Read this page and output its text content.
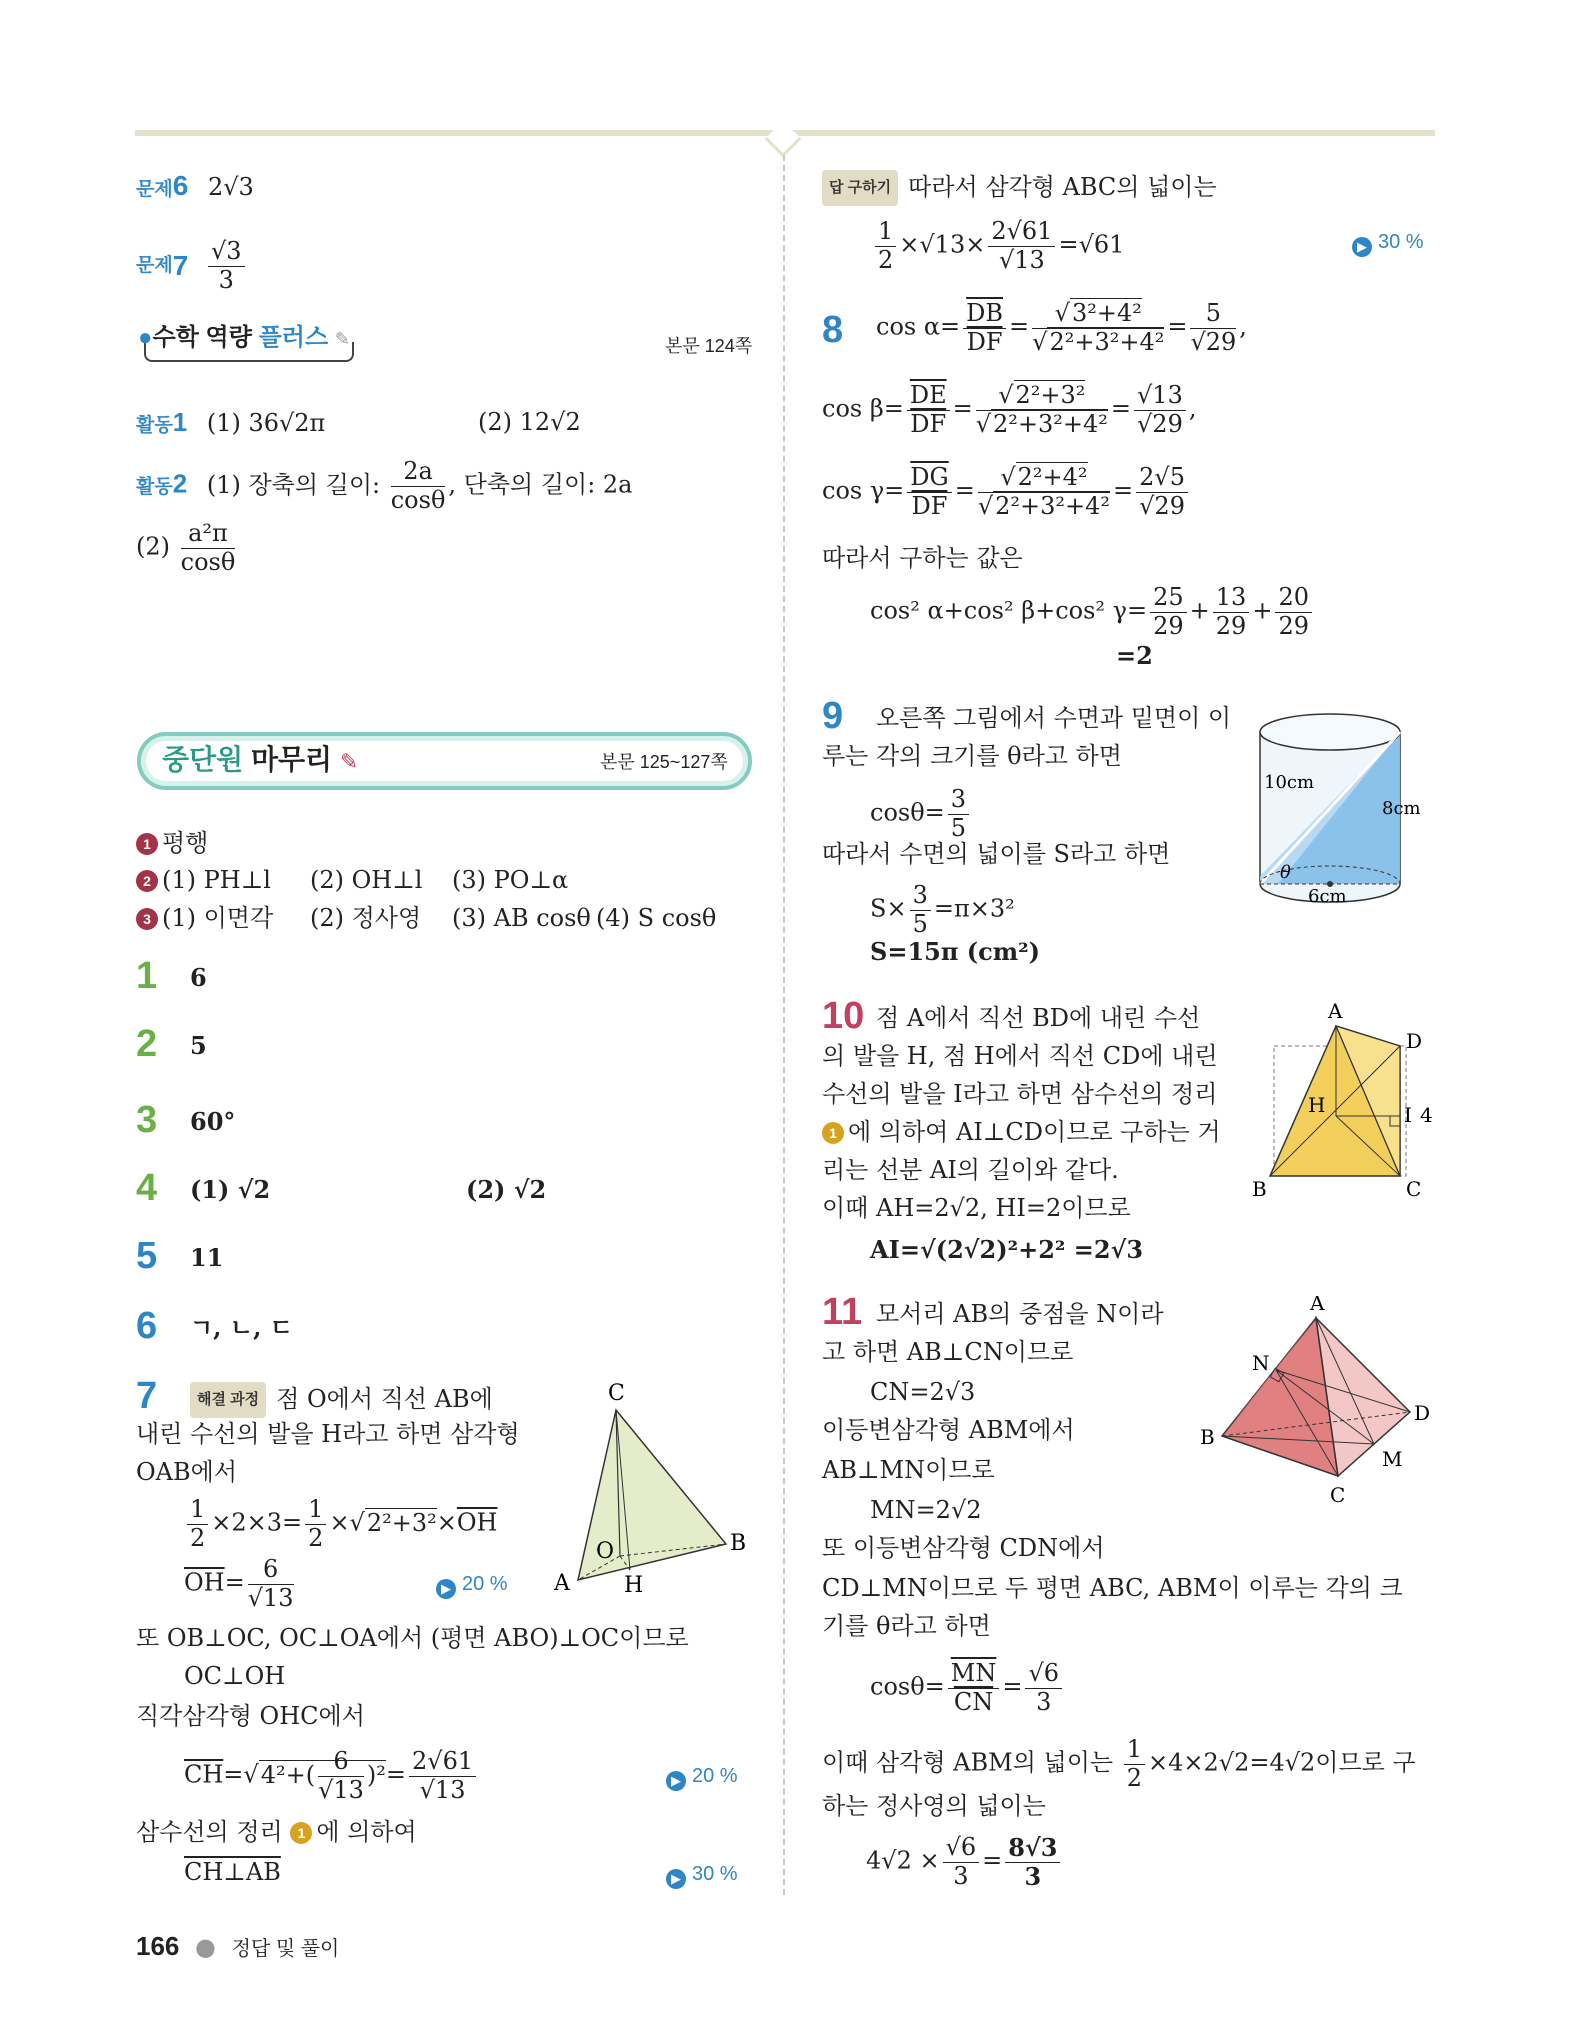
문제6 2√3
문제$7 \frac{√3}{3}$
●수학 역량 플러스 ✎	본문 124쪽
활동1 (1) 36√2π	(2) 12√2
활동2 (1) 장축의 길이: $\frac{2a}{\cos\theta}$ , 단축의 길이: 2a
$(2) \frac{\text{a²π}}{\cos\theta}$
중단원 마무리 ✎	본문 125~127쪽
1 평행
2 (1) PH⊥l (2) OH⊥l (3) PO⊥α
3 (1) 이면각 (2) 정사영 (3) AB cosθ (4) S cosθ
1 6
2 5
3 60°
4 (1) √2	(2) √2
5 11
6 ㄱ, ㄴ, ㄷ
7	해결 과정 점 O에서 직선 AB에
내린 수선의 발을 H라고 하면 삼각형
OAB에서
$\frac{1}{2} \times 2\times 3= \frac{1}{2} \times√2^2+3^2\times\overline{OH}$
$\overline{OH}= \frac{6}{√13}$	▶ 20 %
또 OB⊥OC, OC⊥OA에서 (평면 ABO)⊥OC이므로
OC⊥OH
직각삼각형 OHC에서
$\overline{CH}=√4^2+( \frac{6}{√13} )^2= \frac{2√61}{√13}$	▶ 20 %
삼수선의 정리 1 에 의하여
CH⊥AB	▶ 30 %
C
O
A H
B
166 ● 정답 및 풀이
답 구하기 따라서 삼각형 ABC의 넓이는
$\frac{1}{2} \times√13\times \frac{2√61}{√13} =√61$	▶ 30 %
8 $\cos \alpha= \frac{\overline{DB}}{DF} = \frac{\text{√3²+4²}}{\text{√2²+3²+4²}} = \frac{5}{√29}$ ,
$\cos \beta= \frac{\overline{DE}}{DF} = \frac{\text{√2²+3²}}{\text{√2²+3²+4²}} = \frac{√13}{√29}$ ,
$\cos \gamma= \frac{\overline{DG}}{DF} = \frac{\text{√2²+4²}}{\text{√2²+3²+4²}} = \frac{2√5}{√29}$
따라서 구하는 값은
cos² α+cos² β+cos² $\gamma= \frac{25}{29} + \frac{13}{29} + \frac{20}{29}$
=2
9 오른쪽 그림에서 수면과 밑면이 이
루는 각의 크기를 θ라고 하면
$\cos\theta= \frac{3}{5}$
따라서 수면의 넓이를 S라고 하면
$S\times \frac{3}{5} =\pi\times 3^2$
S=15π (cm²)
10cm
8cm
6cm
θ
10 점 A에서 직선 BD에 내린 수선
의 발을 H, 점 H에서 직선 CD에 내린
수선의 발을 I라고 하면 삼수선의 정리
1 에 의하여 AI⊥CD이므로 구하는 거
리는 선분 AI의 길이와 같다.
이때 AH=2√2, HI=2이므로
AI=√(2√2)²+2² =2√3
A
D
H	I 4
B	C
11 모서리 AB의 중점을 N이라
고 하면 AB⊥CN이므로
CN=2√3
이등변삼각형 ABM에서
AB⊥MN이므로
MN=2√2
또 이등변삼각형 CDN에서
CD⊥MN이므로 두 평면 ABC, ABM이 이루는 각의 크
기를 θ라고 하면
$\cos\theta= \frac{\overline{MN}}{CN} = \frac{√6}{3}$
이때 삼각형 ABM의 넓이는 $\frac{1}{2} \times 4\times 2√2=4√2$이므로 구
하는 정사영의 넓이는
$4√2 \times \frac{√6}{3} = \frac{8√3}{3}$
A
N
B
D
M
C
